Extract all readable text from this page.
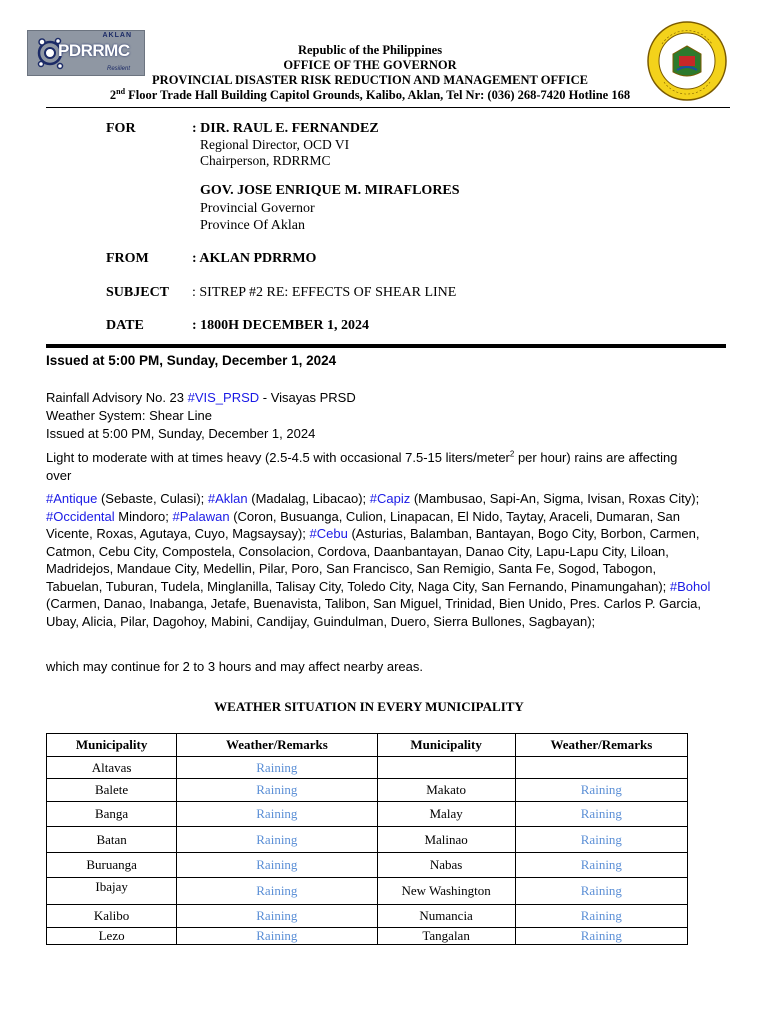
AKLAN
PDRRMC
Resilient
Republic of the Philippines
OFFICE OF THE GOVERNOR
PROVINCIAL DISASTER RISK REDUCTION AND MANAGEMENT OFFICE
2nd Floor Trade Hall Building Capitol Grounds, Kalibo, Aklan, Tel Nr: (036) 268-7420 Hotline 168
FOR	: DIR. RAUL E. FERNANDEZ
Regional Director, OCD VI
Chairperson, RDRRMC
GOV. JOSE ENRIQUE M. MIRAFLORES
Provincial Governor
Province Of Aklan
FROM	: AKLAN PDRRMO
SUBJECT : SITREP #2 RE: EFFECTS OF SHEAR LINE
DATE	: 1800H DECEMBER 1, 2024
Issued at 5:00 PM, Sunday, December 1, 2024
Rainfall Advisory No. 23 #VIS_PRSD - Visayas PRSD
Weather System: Shear Line
Issued at 5:00 PM, Sunday, December 1, 2024
Light to moderate with at times heavy (2.5-4.5 with occasional 7.5-15 liters/meter$^2$ per hour) rains are affecting over
#Antique (Sebaste, Culasi); #Aklan (Madalag, Libacao); #Capiz (Mambusao, Sapi-An, Sigma, Ivisan, Roxas City); #Occidental Mindoro; #Palawan (Coron, Busuanga, Culion, Linapacan, El Nido, Taytay, Araceli, Dumaran, San Vicente, Roxas, Agutaya, Cuyo, Magsaysay); #Cebu (Asturias, Balamban, Bantayan, Bogo City, Borbon, Carmen, Catmon, Cebu City, Compostela, Consolacion, Cordova, Daanbantayan, Danao City, Lapu-Lapu City, Liloan, Madridejos, Mandaue City, Medellin, Pilar, Poro, San Francisco, San Remigio, Santa Fe, Sogod, Tabogon, Tabuelan, Tuburan, Tudela, Minglanilla, Talisay City, Toledo City, Naga City, San Fernando, Pinamungahan); #Bohol (Carmen, Danao, Inabanga, Jetafe, Buenavista, Talibon, San Miguel, Trinidad, Bien Unido, Pres. Carlos P. Garcia, Ubay, Alicia, Pilar, Dagohoy, Mabini, Candijay, Guindulman, Duero, Sierra Bullones, Sagbayan);
which may continue for 2 to 3 hours and may affect nearby areas.
WEATHER SITUATION IN EVERY MUNICIPALITY
Municipality	Weather/Remarks	Municipality	Weather/Remarks
Altavas	Raining		
Balete	Raining	Makato	Raining
Banga	Raining	Malay	Raining
Batan	Raining	Malinao	Raining
Buruanga	Raining	Nabas	Raining
Ibajay	Raining	New Washington	Raining
Kalibo	Raining	Numancia	Raining
Lezo	Raining	Tangalan	Raining
